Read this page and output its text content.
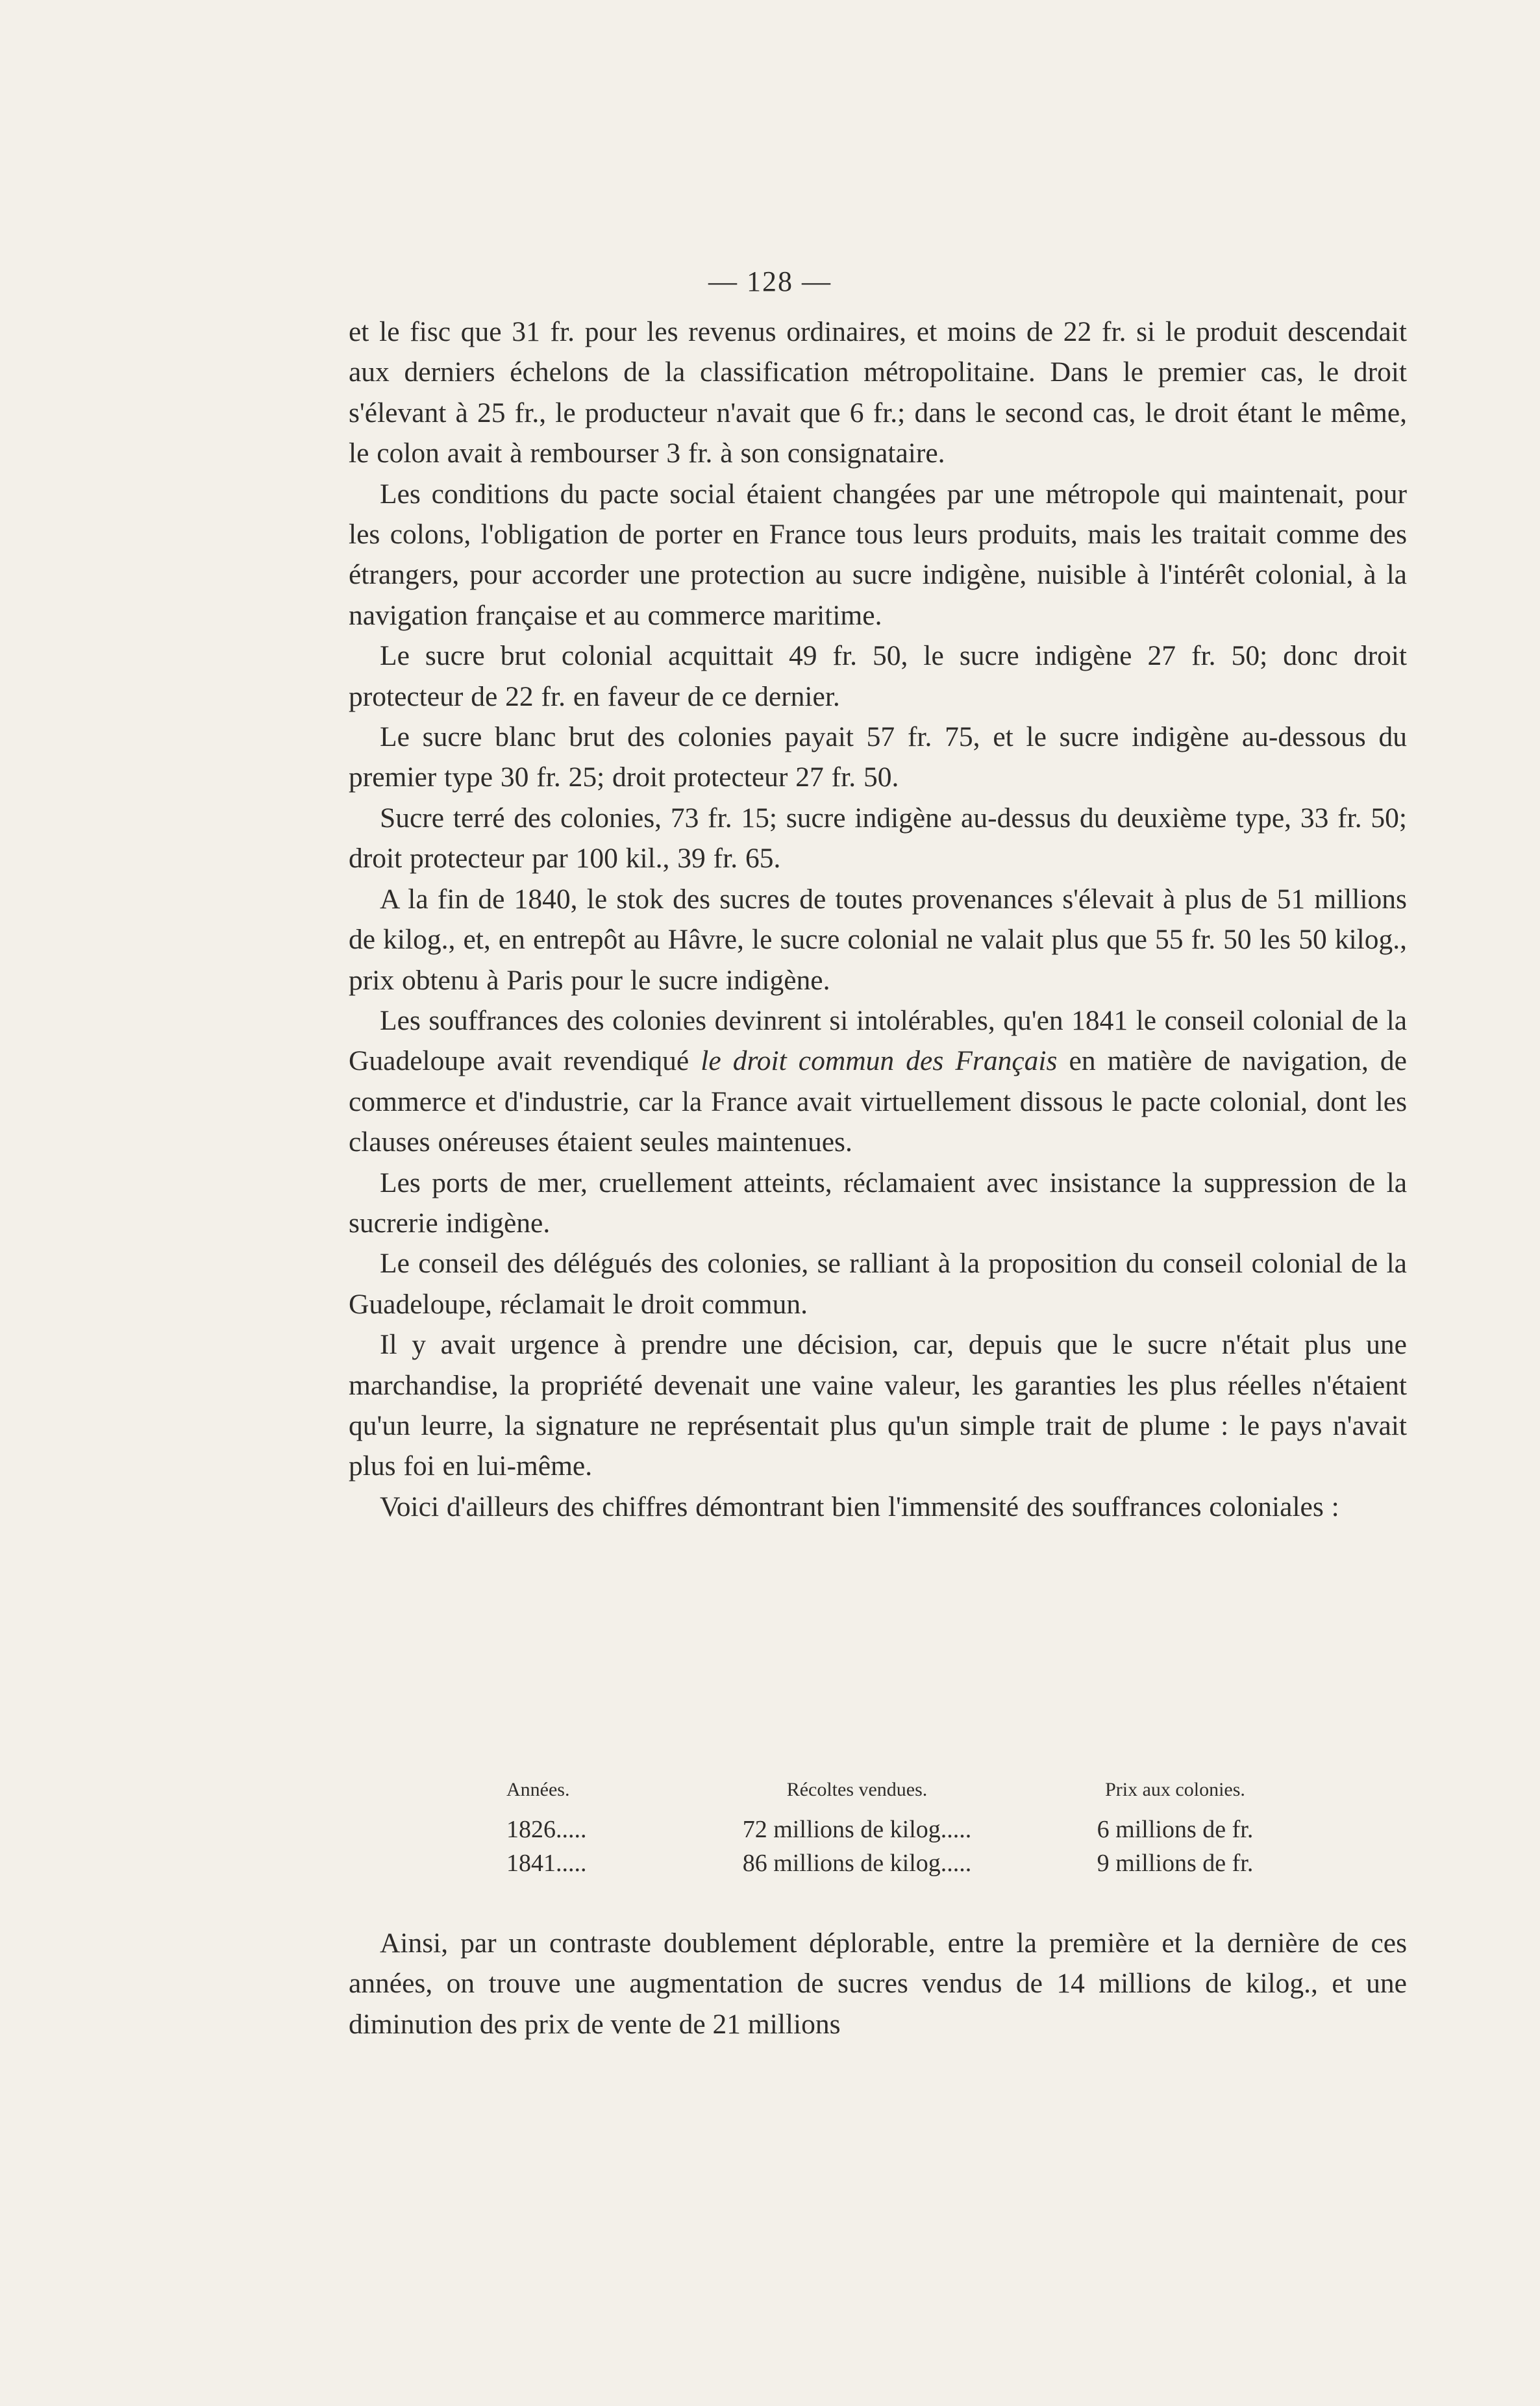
— 128 —

et le fisc que 31 fr. pour les revenus ordinaires, et moins de 22 fr. si le produit descendait aux derniers échelons de la classification métropolitaine. Dans le premier cas, le droit s'élevant à 25 fr., le producteur n'avait que 6 fr.; dans le second cas, le droit étant le même, le colon avait à rembourser 3 fr. à son consignataire.

Les conditions du pacte social étaient changées par une métropole qui maintenait, pour les colons, l'obligation de porter en France tous leurs produits, mais les traitait comme des étrangers, pour accorder une protection au sucre indigène, nuisible à l'intérêt colonial, à la navigation française et au commerce maritime.

Le sucre brut colonial acquittait 49 fr. 50, le sucre indigène 27 fr. 50; donc droit protecteur de 22 fr. en faveur de ce dernier.

Le sucre blanc brut des colonies payait 57 fr. 75, et le sucre indigène au-dessous du premier type 30 fr. 25; droit protecteur 27 fr. 50.

Sucre terré des colonies, 73 fr. 15; sucre indigène au-dessus du deuxième type, 33 fr. 50; droit protecteur par 100 kil., 39 fr. 65.

A la fin de 1840, le stok des sucres de toutes provenances s'élevait à plus de 51 millions de kilog., et, en entrepôt au Hâvre, le sucre colonial ne valait plus que 55 fr. 50 les 50 kilog., prix obtenu à Paris pour le sucre indigène.

Les souffrances des colonies devinrent si intolérables, qu'en 1841 le conseil colonial de la Guadeloupe avait revendiqué le droit commun des Français en matière de navigation, de commerce et d'industrie, car la France avait virtuellement dissous le pacte colonial, dont les clauses onéreuses étaient seules maintenues.

Les ports de mer, cruellement atteints, réclamaient avec insistance la suppression de la sucrerie indigène.

Le conseil des délégués des colonies, se ralliant à la proposition du conseil colonial de la Guadeloupe, réclamait le droit commun.

Il y avait urgence à prendre une décision, car, depuis que le sucre n'était plus une marchandise, la propriété devenait une vaine valeur, les garanties les plus réelles n'étaient qu'un leurre, la signature ne représentait plus qu'un simple trait de plume : le pays n'avait plus foi en lui-même.

Voici d'ailleurs des chiffres démontrant bien l'immensité des souffrances coloniales :

Années.	Récoltes vendues.	Prix aux colonies.
1826.....	72 millions de kilog.....	6 millions de fr.
1841.....	86 millions de kilog.....	9 millions de fr.

Ainsi, par un contraste doublement déplorable, entre la première et la dernière de ces années, on trouve une augmentation de sucres vendus de 14 millions de kilog., et une diminution des prix de vente de 21 millions
